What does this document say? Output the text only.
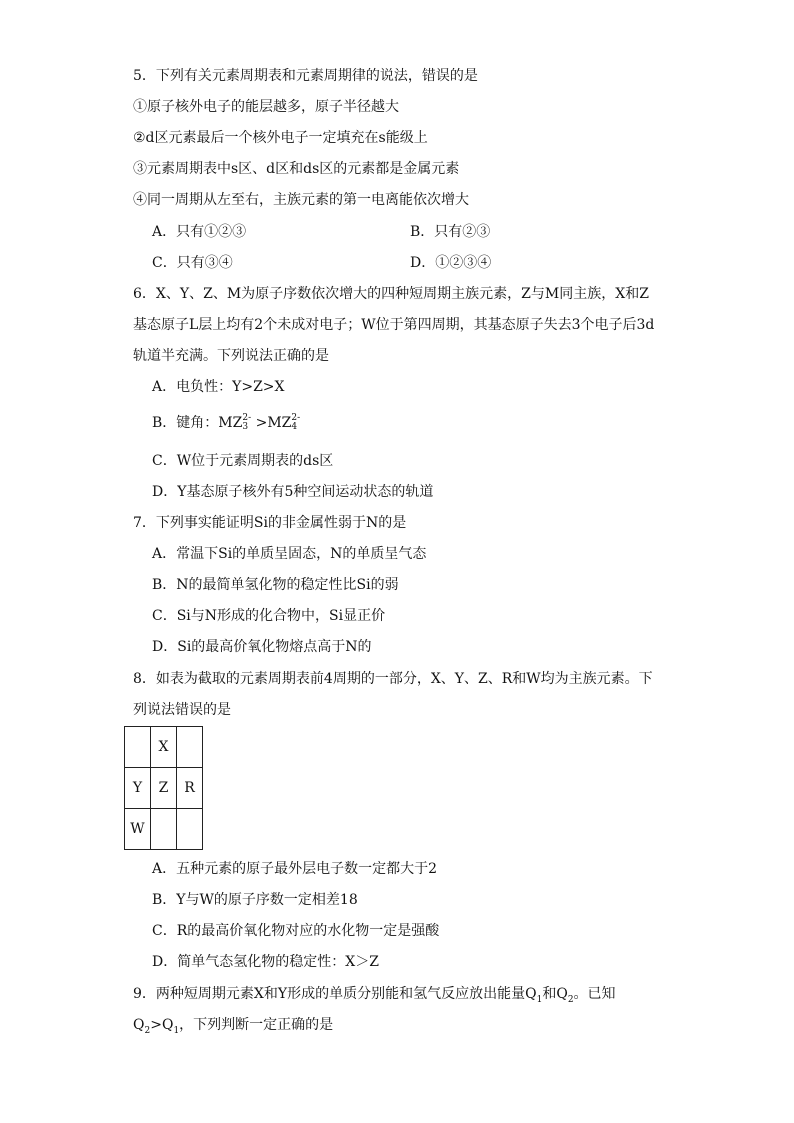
5．下列有关元素周期表和元素周期律的说法，错误的是
①原子核外电子的能层越多，原子半径越大
②d区元素最后一个核外电子一定填充在s能级上
③元素周期表中s区、d区和ds区的元素都是金属元素
④同一周期从左至右，主族元素的第一电离能依次增大
A．只有①②③	B．只有②③
C．只有③④	D．①②③④
6．X、Y、Z、M为原子序数依次增大的四种短周期主族元素，Z与M同主族，X和Z
基态原子L层上均有2个未成对电子；W位于第四周期，其基态原子失去3个电子后3d
轨道半充满。下列说法正确的是
A．电负性：Y>Z>X
B．键角：MZ 2-
3 >MZ 2-
4
C．W位于元素周期表的ds区
D．Y基态原子核外有5种空间运动状态的轨道
7．下列事实能证明Si的非金属性弱于N的是
A．常温下Si的单质呈固态，N的单质呈气态
B．N的最简单氢化物的稳定性比Si的弱
C．Si与N形成的化合物中，Si显正价
D．Si的最高价氧化物熔点高于N的
8．如表为截取的元素周期表前4周期的一部分，X、Y、Z、R和W均为主族元素。下
列说法错误的是
	X	
Y	Z	R
W		
A．五种元素的原子最外层电子数一定都大于2
B．Y与W的原子序数一定相差18
C．R的最高价氧化物对应的水化物一定是强酸
D．简单气态氢化物的稳定性：X＞Z
9．两种短周期元素X和Y形成的单质分别能和氢气反应放出能量$Q_1$和$Q_2$。已知
$Q_2>Q_1$，下列判断一定正确的是
